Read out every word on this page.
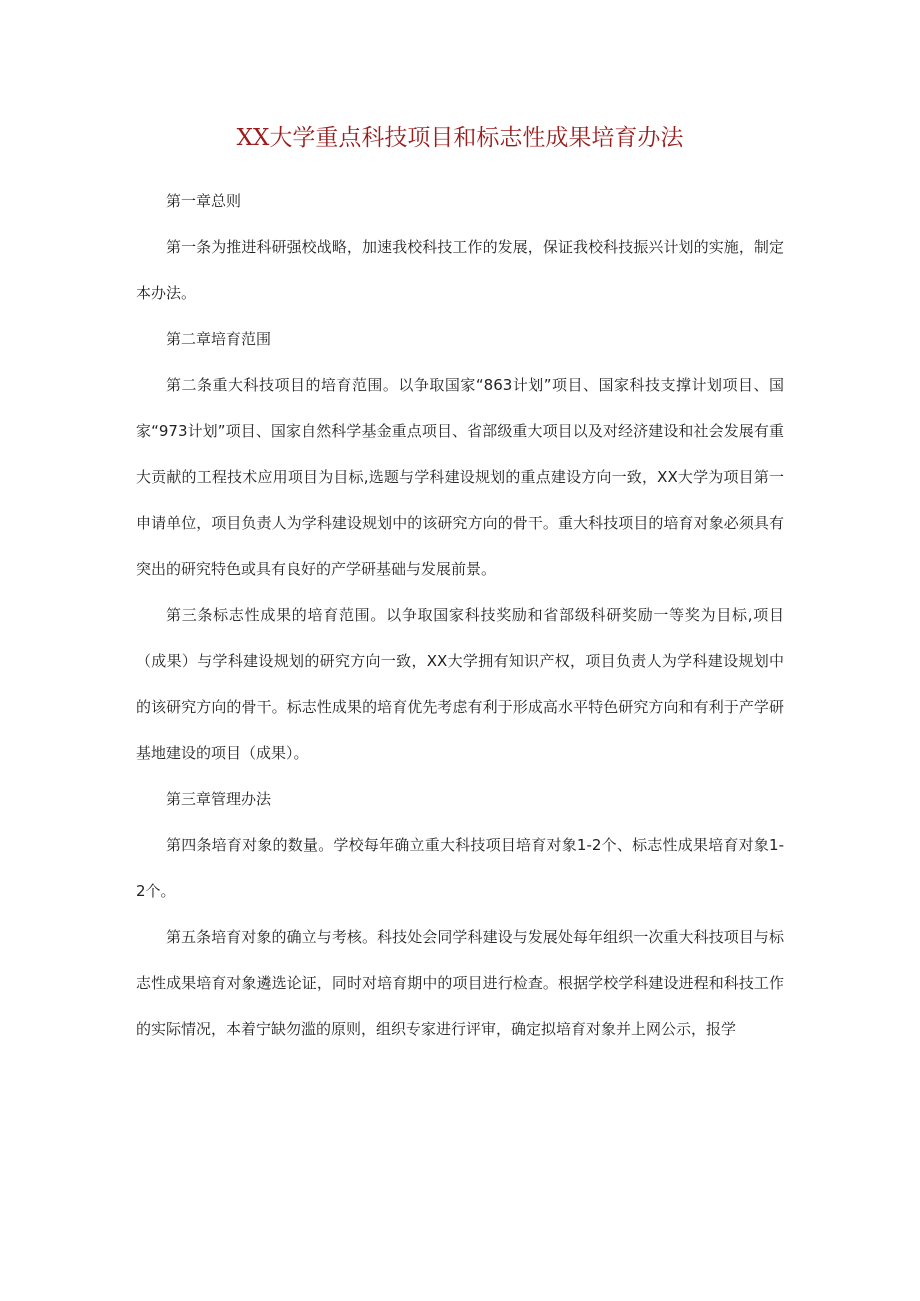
XX大学重点科技项目和标志性成果培育办法

第一章总则

第一条为推进科研强校战略，加速我校科技工作的发展，保证我校科技振兴计划的实施，制定本办法。

第二章培育范围

第二条重大科技项目的培育范围。以争取国家“863计划”项目、国家科技支撑计划项目、国家“973计划”项目、国家自然科学基金重点项目、省部级重大项目以及对经济建设和社会发展有重大贡献的工程技术应用项目为目标,选题与学科建设规划的重点建设方向一致，XX大学为项目第一申请单位，项目负责人为学科建设规划中的该研究方向的骨干。重大科技项目的培育对象必须具有突出的研究特色或具有良好的产学研基础与发展前景。

第三条标志性成果的培育范围。以争取国家科技奖励和省部级科研奖励一等奖为目标,项目（成果）与学科建设规划的研究方向一致，XX大学拥有知识产权，项目负责人为学科建设规划中的该研究方向的骨干。标志性成果的培育优先考虑有利于形成高水平特色研究方向和有利于产学研基地建设的项目（成果）。

第三章管理办法

第四条培育对象的数量。学校每年确立重大科技项目培育对象1-2个、标志性成果培育对象1-2个。

第五条培育对象的确立与考核。科技处会同学科建设与发展处每年组织一次重大科技项目与标志性成果培育对象遴选论证，同时对培育期中的项目进行检查。根据学校学科建设进程和科技工作的实际情况，本着宁缺勿滥的原则，组织专家进行评审，确定拟培育对象并上网公示，报学
